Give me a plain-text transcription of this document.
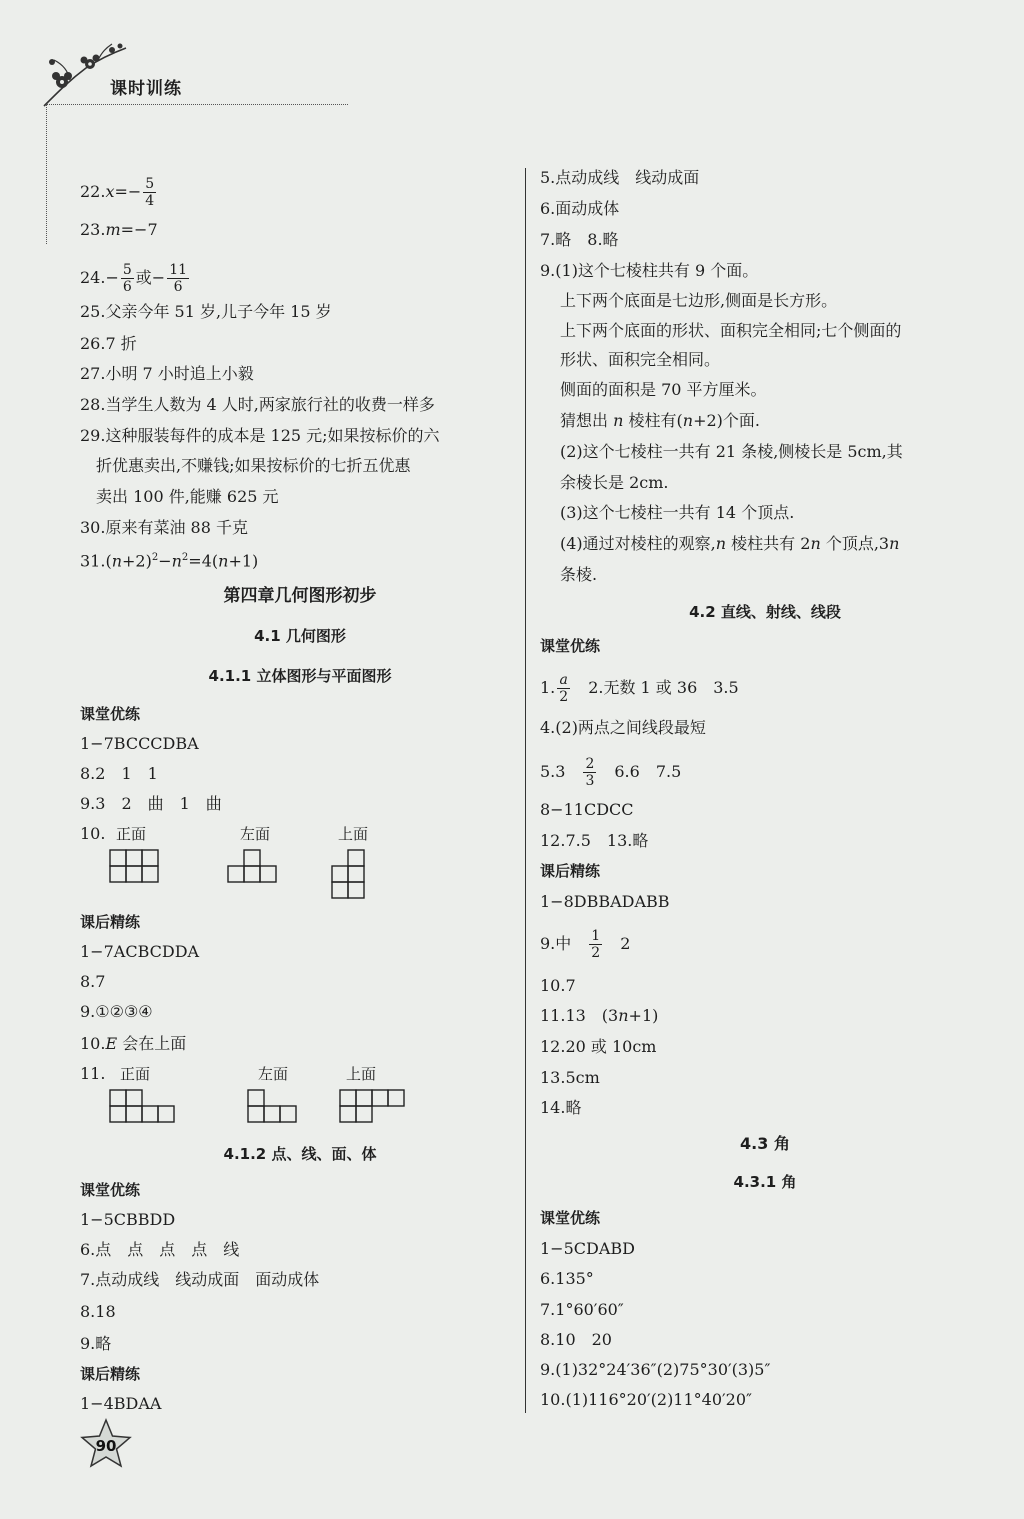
课时训练
$22.x=- \frac{5}{4}$
23.m=−7
$24.- \frac{5}{6}$ 或− $\frac{11}{6}$
25.父亲今年 51 岁,儿子今年 15 岁
26.7 折
27.小明 7 小时追上小毅
28.当学生人数为 4 人时,两家旅行社的收费一样多
29.这种服装每件的成本是 125 元;如果按标价的六
折优惠卖出,不赚钱;如果按标价的七折五优惠
卖出 100 件,能赚 625 元
30.原来有菜油 88 千克
$31.(n+2)^2-n^2=4(n+1)$
第四章几何图形初步
4.1 几何图形
4.1.1 立体图形与平面图形
课堂优练
1−7BCCCDBA
8.2　1　1
9.3　2　曲　1　曲
10. 正面	左面	上面
课后精练
1−7ACBCDDA
8.7
9.①②③④
10.E 会在上面
11. 正面	左面	上面
4.1.2 点、线、面、体
课堂优练
1−5CBBDD
6.点　点　点　点　线
7.点动成线　线动成面　面动成体
8.18
9.略
课后精练
1−4BDAA
5.点动成线　线动成面
6.面动成体
7.略　8.略
9.(1)这个七棱柱共有 9 个面。
上下两个底面是七边形,侧面是长方形。
上下两个底面的形状、面积完全相同;七个侧面的
形状、面积完全相同。
侧面的面积是 70 平方厘米。
猜想出 n 棱柱有(n+2)个面.
(2)这个七棱柱一共有 21 条棱,侧棱长是 5cm,其
余棱长是 2cm.
(3)这个七棱柱一共有 14 个顶点.
(4)通过对棱柱的观察,n 棱柱共有 2n 个顶点,3n
条棱.
4.2 直线、射线、线段
课堂优练
1. $\frac{a}{2}$ 　2.无数 1 或 36　3.5
4.(2)两点之间线段最短
5.3　 $\frac{2}{3}$ 　6.6　7.5
8−11CDCC
12.7.5　13.略
课后精练
1−8DBBADABB
9.中　 $\frac{1}{2}$ 　2
10.7
11.13　(3n+1)
12.20 或 10cm
13.5cm
14.略
4.3 角
4.3.1 角
课堂优练
1−5CDABD
6.135°
7.1°60′60″
8.10　20
9.(1)32°24′36″(2)75°30′(3)5″
10.(1)116°20′(2)11°40′20″
90
